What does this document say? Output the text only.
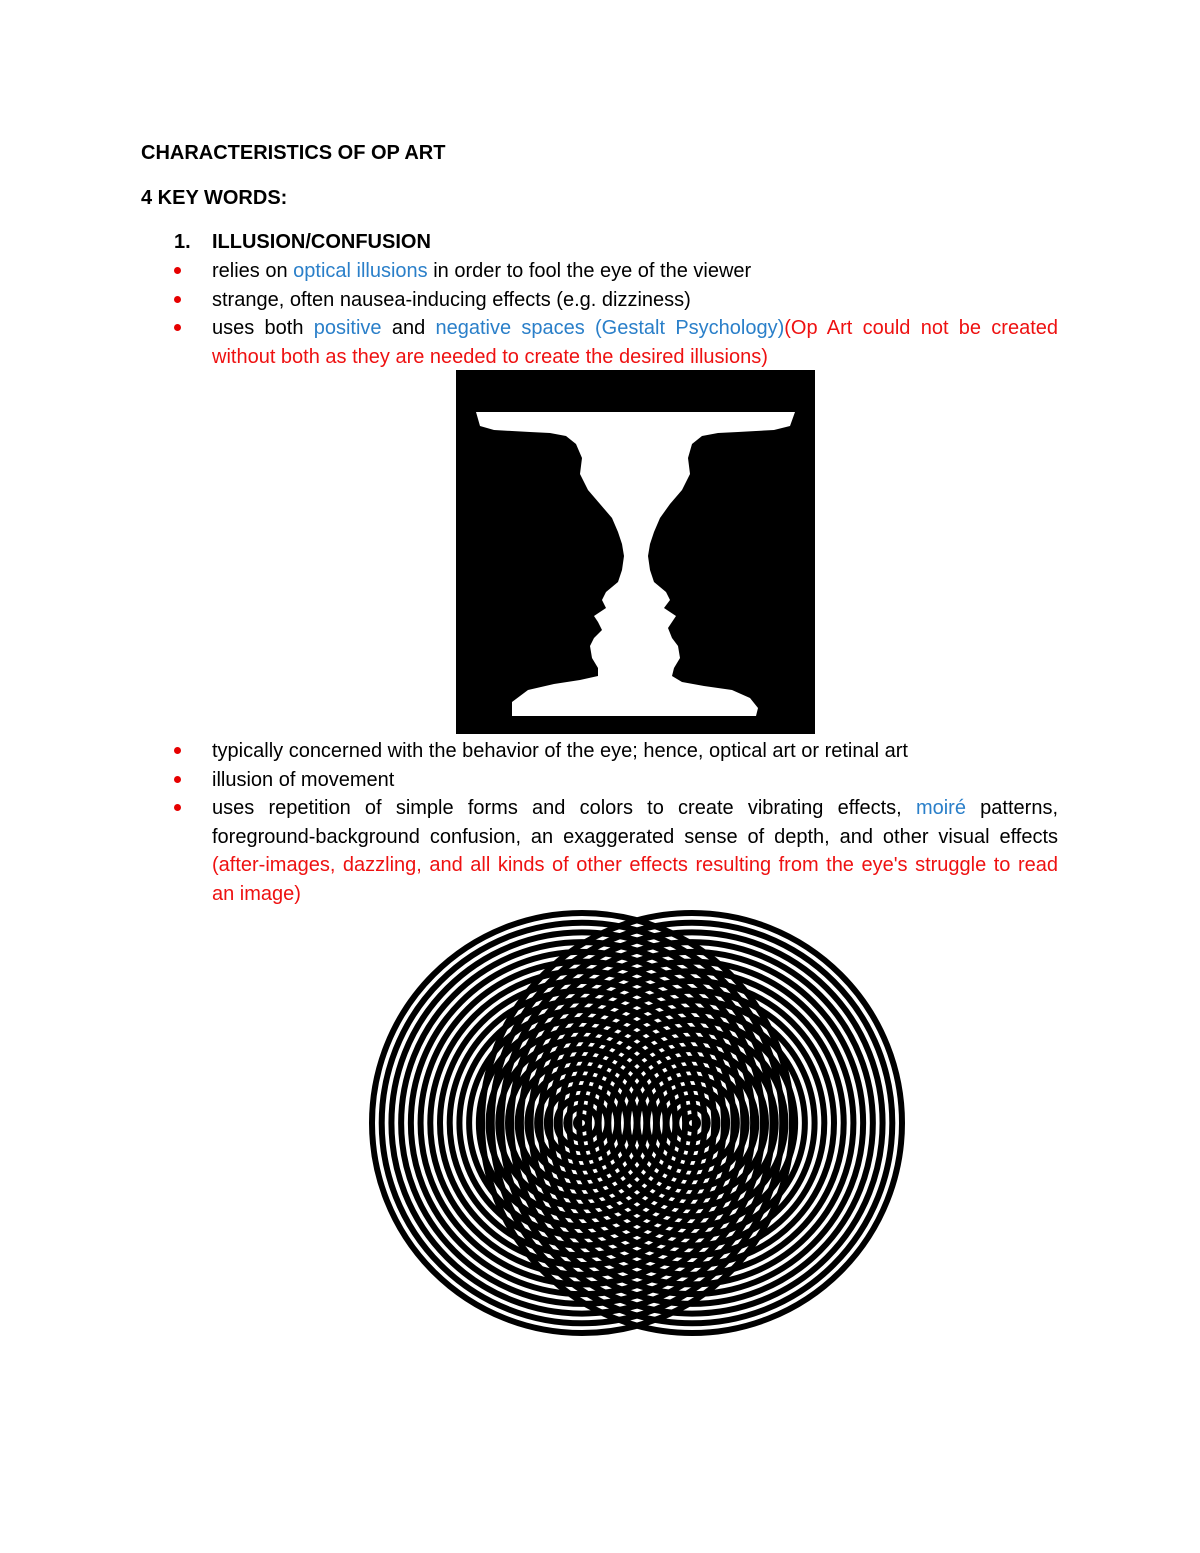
CHARACTERISTICS OF OP ART

4 KEY WORDS:

1. ILLUSION/CONFUSION

relies on optical illusions in order to fool the eye of the viewer
strange, often nausea-inducing effects (e.g. dizziness)
uses both positive and negative spaces (Gestalt Psychology)(Op Art could not be created without both as they are needed to create the desired illusions)
typically concerned with the behavior of the eye; hence, optical art or retinal art
illusion of movement
uses repetition of simple forms and colors to create vibrating effects, moiré patterns, foreground-background confusion, an exaggerated sense of depth, and other visual effects (after-images, dazzling, and all kinds of other effects resulting from the eye's struggle to read an image)
